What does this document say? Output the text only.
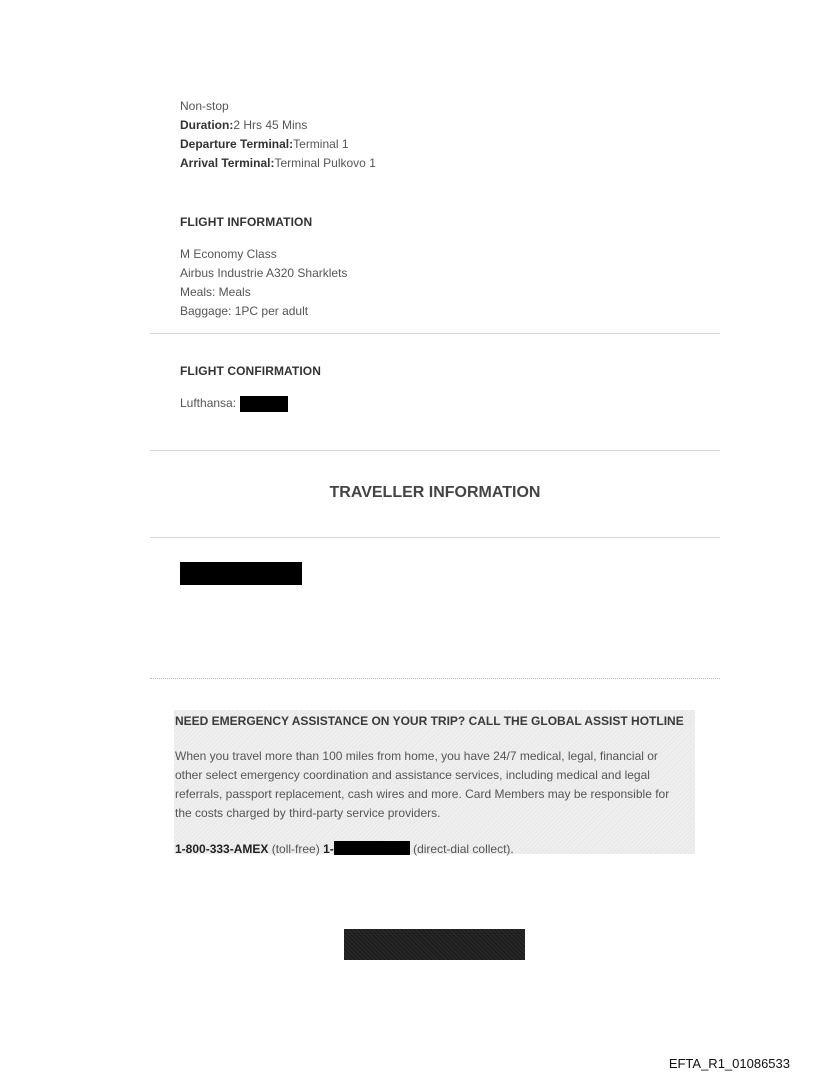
Non-stop
Duration:2 Hrs 45 Mins
Departure Terminal:Terminal 1
Arrival Terminal:Terminal Pulkovo 1
FLIGHT INFORMATION
M Economy Class
Airbus Industrie A320 Sharklets
Meals: Meals
Baggage: 1PC per adult
FLIGHT CONFIRMATION
Lufthansa:
TRAVELLER INFORMATION
NEED EMERGENCY ASSISTANCE ON YOUR TRIP? CALL THE GLOBAL ASSIST HOTLINE
When you travel more than 100 miles from home, you have 24/7 medical, legal, financial or
other select emergency coordination and assistance services, including medical and legal
referrals, passport replacement, cash wires and more. Card Members may be responsible for
the costs charged by third-party service providers.
1-800-333-AMEX (toll-free) 1-	(direct-dial collect).
EFTA_R1_01086533
